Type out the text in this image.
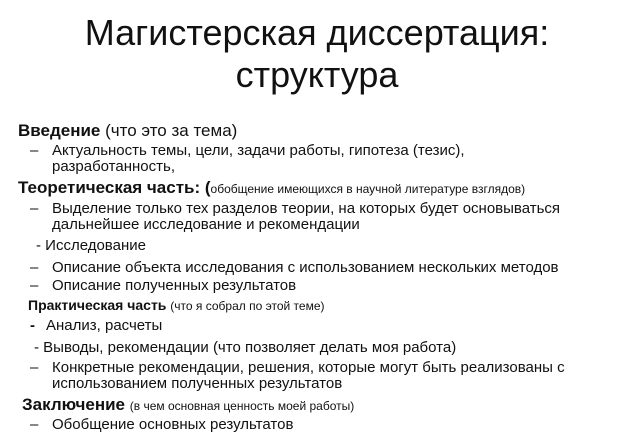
Магистерская диссертация:
структура
Введение (что это за тема)
– Актуальность темы, цели, задачи работы, гипотеза (тезис),
разработанность,
Теоретическая часть: (обобщение имеющихся в научной литературе взглядов)
– Выделение только тех разделов теории, на которых будет основываться
дальнейшее исследование и рекомендации
- Исследование
– Описание объекта исследования с использованием нескольких методов
– Описание полученных результатов
Практическая часть (что я собрал по этой теме)
- Анализ, расчеты
- Выводы, рекомендации (что позволяет делать моя работа)
– Конкретные рекомендации, решения, которые могут быть реализованы с
использованием полученных результатов
Заключение (в чем основная ценность моей работы)
– Обобщение основных результатов
